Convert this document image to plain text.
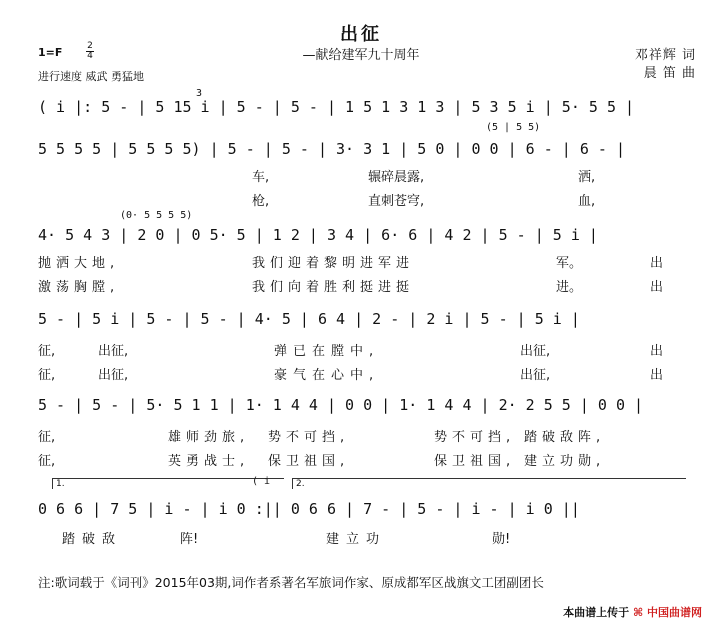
出征
—献给建军九十周年
1=F	2
4
进行速度 威武 勇猛地
邓祥辉 词
晨 笛 曲
3
( i |: 5 - | 5 15 i | 5 - | 5 - | 1 5 1 3 1 3 | 5 3 5 i | 5· 5 5 |
(5 | 5 5)
5 5 5 5 | 5 5 5 5) | 5 - | 5 - | 3· 3 1 | 5 0 | 0 0 | 6 - | 6 - |
车,	辗碎晨露,	洒,
枪,	直刺苍穹,	血,
(0· 5 5 5 5)
4· 5 4 3 | 2 0 | 0 5· 5 | 1 2 | 3 4 | 6· 6 | 4 2 | 5 - | 5 i |
抛洒大地,	我们迎着黎明进军进	军。	出
激荡胸膛,	我们向着胜利挺进挺	进。	出
5 - | 5 i | 5 - | 5 - | 4· 5 | 6 4 | 2 - | 2 i | 5 - | 5 i |
征,	出征,	弹已在膛中,	出征,	出
征,	出征,	豪气在心中,	出征,	出
5 - | 5 - | 5· 5 1 1 | 1· 1 4 4 | 0 0 | 1· 1 4 4 | 2· 2 5 5 | 0 0 |
征,	雄师劲旅, 势不可挡,	势不可挡, 踏破敌阵,
征,	英勇战士, 保卫祖国,	保卫祖国, 建立功勋,
1.	( i	2.
0 6 6 | 7 5 | i - | i 0 :|| 0 6 6 | 7 - | 5 - | i - | i 0 ||
踏破敌	阵!	建立功	勋!
注:歌词载于《词刊》2015年03期,词作者系著名军旅词作家、原成都军区战旗文工团副团长
本曲谱上传于 ⌘ 中国曲谱网
